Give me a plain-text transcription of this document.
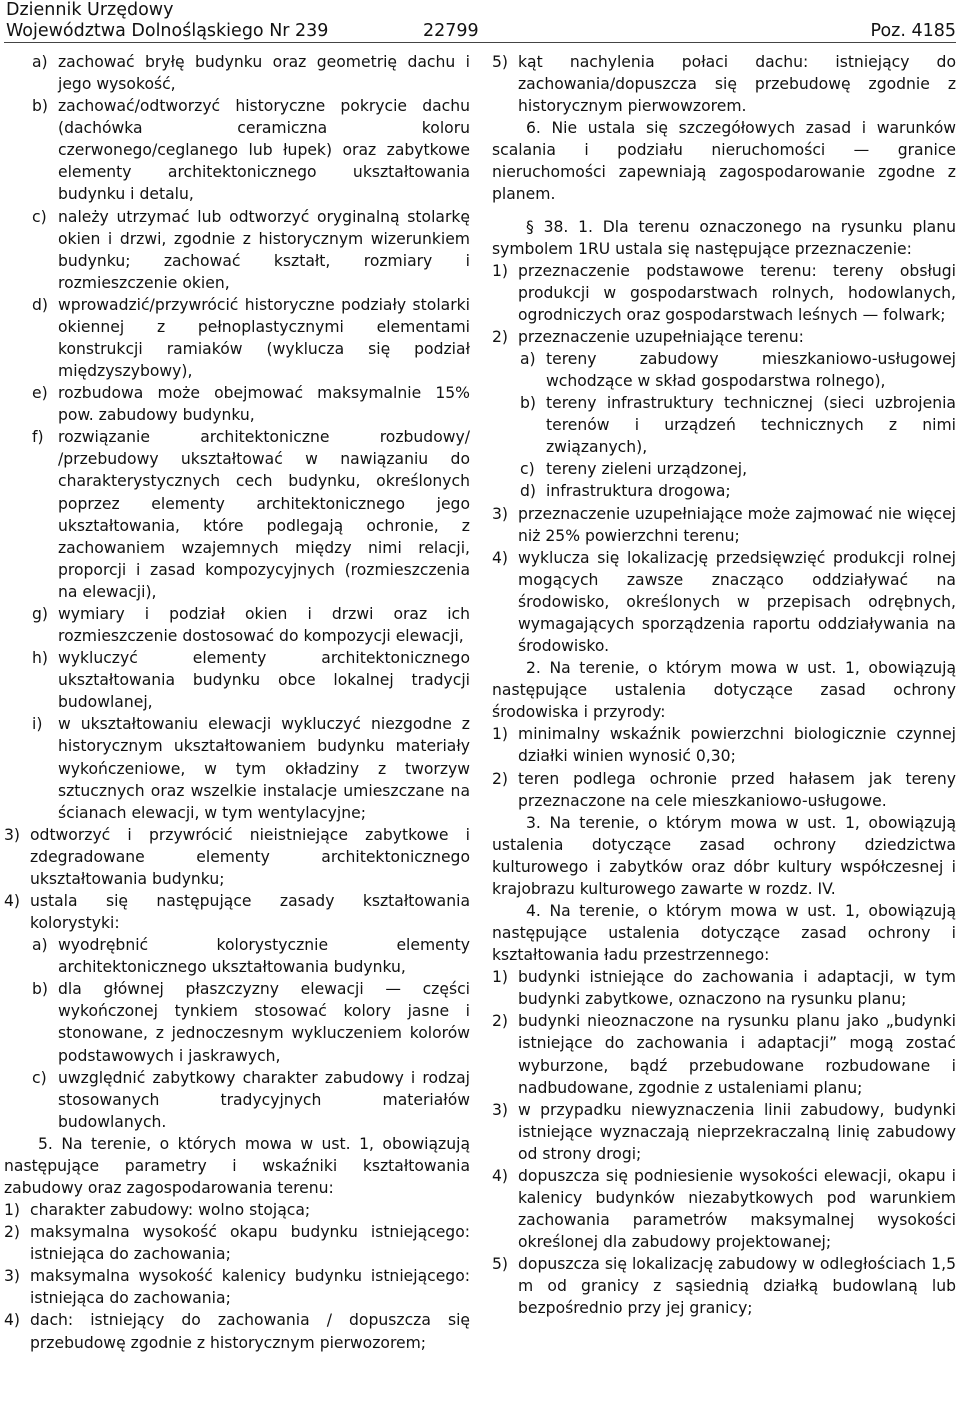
Dziennik Urzędowy
Województwa Dolnośląskiego Nr 239	22799	Poz. 4185

a) zachować bryłę budynku oraz geometrię dachu i jego wysokość,

b) zachować/odtworzyć historyczne pokrycie dachu (dachówka ceramiczna koloru czerwonego/ceglanego lub łupek) oraz zabytkowe elementy architektonicznego ukształtowania budynku i detalu,

c) należy utrzymać lub odtworzyć oryginalną stolarkę okien i drzwi, zgodnie z historycznym wizerunkiem budynku; zachować kształt, rozmiary i rozmieszczenie okien,

d) wprowadzić/przywrócić historyczne podziały stolarki okiennej z pełnoplastycznymi elementami konstrukcji ramiaków (wyklucza się podział międzyszybowy),

e) rozbudowa może obejmować maksymalnie 15% pow. zabudowy budynku,

f) rozwiązanie architektoniczne rozbudowy/ /przebudowy ukształtować w nawiązaniu do charakterystycznych cech budynku, określonych poprzez elementy architektonicznego jego ukształtowania, które podlegają ochronie, z zachowaniem wzajemnych między nimi relacji, proporcji i zasad kompozycyjnych (rozmieszczenia na elewacji),

g) wymiary i podział okien i drzwi oraz ich rozmieszczenie dostosować do kompozycji elewacji,

h) wykluczyć elementy architektonicznego ukształtowania budynku obce lokalnej tradycji budowlanej,

i) w ukształtowaniu elewacji wykluczyć niezgodne z historycznym ukształtowaniem budynku materiały wykończeniowe, w tym okładziny z tworzyw sztucznych oraz wszelkie instalacje umieszczane na ścianach elewacji, w tym wentylacyjne;

3) odtworzyć i przywrócić nieistniejące zabytkowe i zdegradowane elementy architektonicznego ukształtowania budynku;

4) ustala się następujące zasady kształtowania kolorystyki:

a) wyodrębnić kolorystycznie elementy architektonicznego ukształtowania budynku,

b) dla głównej płaszczyzny elewacji — części wykończonej tynkiem stosować kolory jasne i stonowane, z jednoczesnym wykluczeniem kolorów podstawowych i jaskrawych,

c) uwzględnić zabytkowy charakter zabudowy i rodzaj stosowanych tradycyjnych materiałów budowlanych.

5. Na terenie, o których mowa w ust. 1, obowiązują następujące parametry i wskaźniki kształtowania zabudowy oraz zagospodarowania terenu:

1) charakter zabudowy: wolno stojąca;

2) maksymalna wysokość okapu budynku istniejącego: istniejąca do zachowania;

3) maksymalna wysokość kalenicy budynku istniejącego: istniejąca do zachowania;

4) dach: istniejący do zachowania / dopuszcza się przebudowę zgodnie z historycznym pierwozorem;

5) kąt nachylenia połaci dachu: istniejący do zachowania/dopuszcza się przebudowę zgodnie z historycznym pierwowzorem.

6. Nie ustala się szczegółowych zasad i warunków scalania i podziału nieruchomości — granice nieruchomości zapewniają zagospodarowanie zgodne z planem.

§ 38. 1. Dla terenu oznaczonego na rysunku planu symbolem 1RU ustala się następujące przeznaczenie:

1) przeznaczenie podstawowe terenu: tereny obsługi produkcji w gospodarstwach rolnych, hodowlanych, ogrodniczych oraz gospodarstwach leśnych — folwark;

2) przeznaczenie uzupełniające terenu:

a) tereny zabudowy mieszkaniowo-usługowej wchodzące w skład gospodarstwa rolnego),

b) tereny infrastruktury technicznej (sieci uzbrojenia terenów i urządzeń technicznych z nimi związanych),

c) tereny zieleni urządzonej,

d) infrastruktura drogowa;

3) przeznaczenie uzupełniające może zajmować nie więcej niż 25% powierzchni terenu;

4) wyklucza się lokalizację przedsięwzięć produkcji rolnej mogących zawsze znacząco oddziaływać na środowisko, określonych w przepisach odrębnych, wymagających sporządzenia raportu oddziaływania na środowisko.

2. Na terenie, o którym mowa w ust. 1, obowiązują następujące ustalenia dotyczące zasad ochrony środowiska i przyrody:

1) minimalny wskaźnik powierzchni biologicznie czynnej działki winien wynosić 0,30;

2) teren podlega ochronie przed hałasem jak tereny przeznaczone na cele mieszkaniowo-usługowe.

3. Na terenie, o którym mowa w ust. 1, obowiązują ustalenia dotyczące zasad ochrony dziedzictwa kulturowego i zabytków oraz dóbr kultury współczesnej i krajobrazu kulturowego zawarte w rozdz. IV.

4. Na terenie, o którym mowa w ust. 1, obowiązują następujące ustalenia dotyczące zasad ochrony i kształtowania ładu przestrzennego:

1) budynki istniejące do zachowania i adaptacji, w tym budynki zabytkowe, oznaczono na rysunku planu;

2) budynki nieoznaczone na rysunku planu jako „budynki istniejące do zachowania i adaptacji” mogą zostać wyburzone, bądź przebudowane rozbudowane i nadbudowane, zgodnie z ustaleniami planu;

3) w przypadku niewyznaczenia linii zabudowy, budynki istniejące wyznaczają nieprzekraczalną linię zabudowy od strony drogi;

4) dopuszcza się podniesienie wysokości elewacji, okapu i kalenicy budynków niezabytkowych pod warunkiem zachowania parametrów maksymalnej wysokości określonej dla zabudowy projektowanej;

5) dopuszcza się lokalizację zabudowy w odległościach 1,5 m od granicy z sąsiednią działką budowlaną lub bezpośrednio przy jej granicy;
